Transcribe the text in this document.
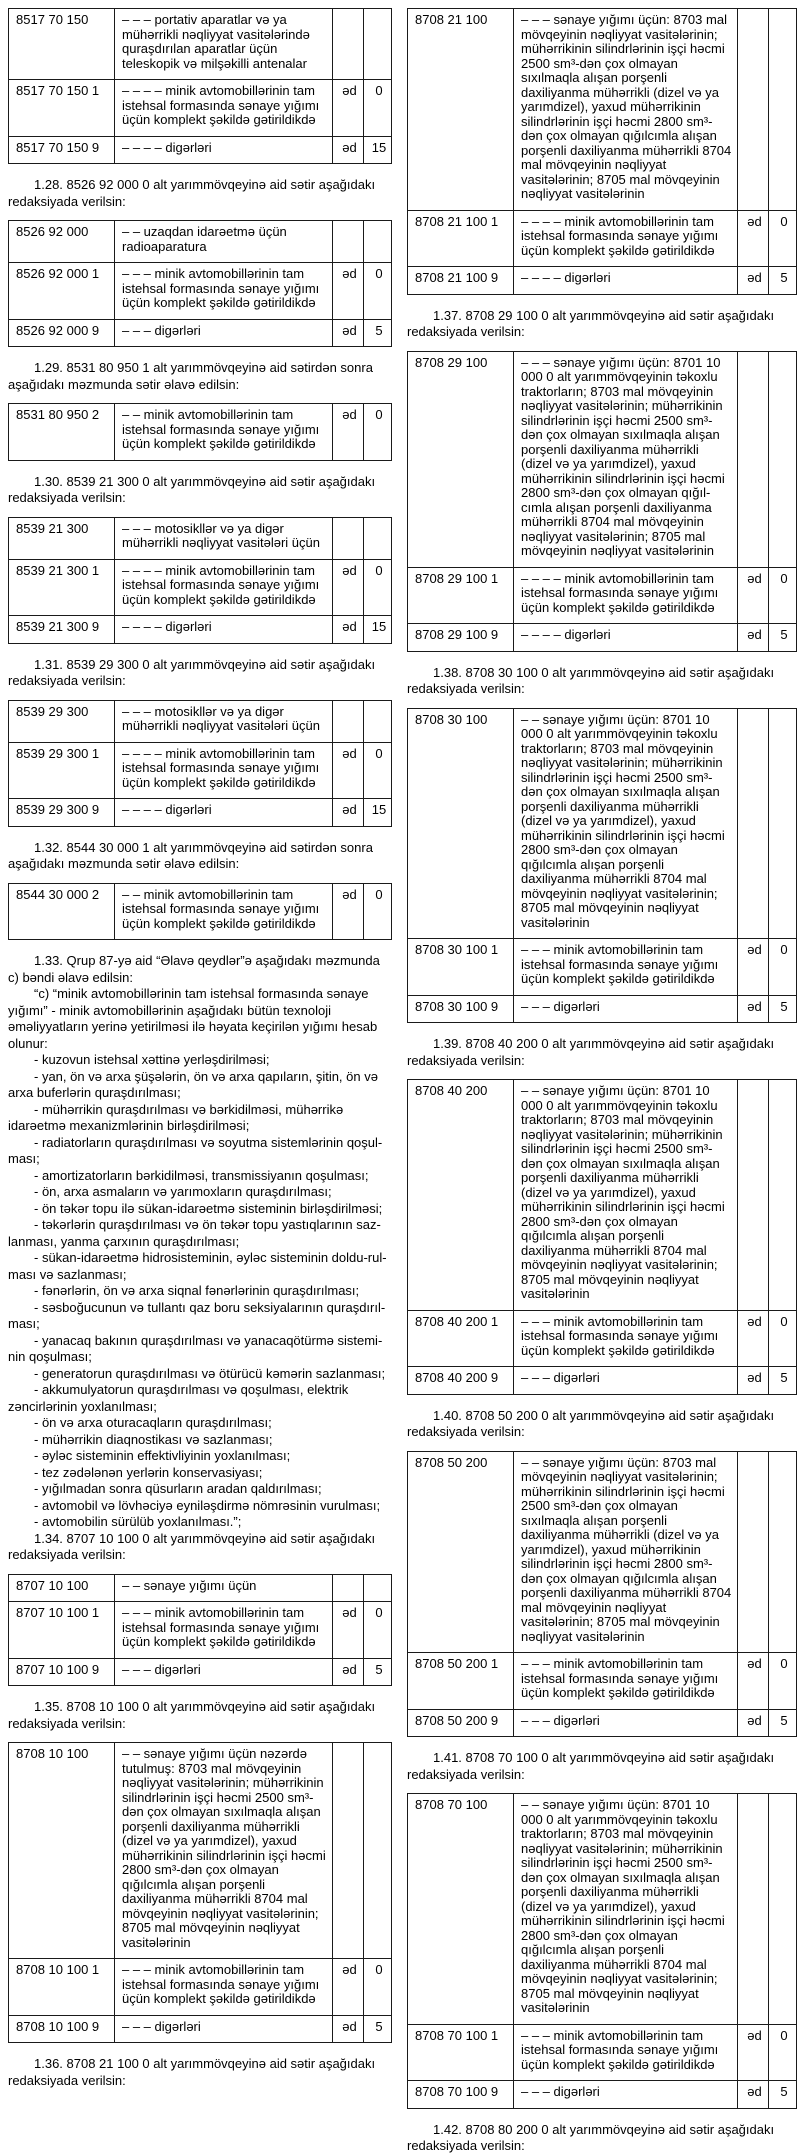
8517 70 150	– – – portativ aparatlar və ya mühərrikli nəqliyyat vasitələrində quraşdırılan aparatlar üçün teleskopik və milşəkilli antenalar		
8517 70 150 1	– – – – minik avtomobillərinin tam istehsal formasında sənaye yığımı üçün komplekt şəkildə gətirildikdə	əd	0
8517 70 150 9	– – – – digərləri	əd	15

1.28. 8526 92 000 0 alt yarımmövqeyinə aid sətir aşağıdakı redaksiyada verilsin:

8526 92 000	– – uzaqdan idarəetmə üçün radioaparatura		
8526 92 000 1	– – – minik avtomobillərinin tam istehsal formasında sənaye yığımı üçün komplekt şəkildə gətirildikdə	əd	0
8526 92 000 9	– – – digərləri	əd	5

1.29. 8531 80 950 1 alt yarımmövqeyinə aid sətirdən sonra aşağıdakı məzmunda sətir əlavə edilsin:

8531 80 950 2	– – minik avtomobillərinin tam istehsal formasında sənaye yığımı üçün komplekt şəkildə gətirildikdə	əd	0

1.30. 8539 21 300 0 alt yarımmövqeyinə aid sətir aşağıdakı redaksiyada verilsin:

8539 21 300	– – – motosikllər və ya digər mühərrikli nəqliyyat vasitələri üçün		
8539 21 300 1	– – – – minik avtomobillərinin tam istehsal formasında sənaye yığımı üçün komplekt şəkildə gətirildikdə	əd	0
8539 21 300 9	– – – – digərləri	əd	15

1.31. 8539 29 300 0 alt yarımmövqeyinə aid sətir aşağıdakı redaksiyada verilsin:

8539 29 300	– – – motosikllər və ya digər mühərrikli nəqliyyat vasitələri üçün		
8539 29 300 1	– – – – minik avtomobillərinin tam istehsal formasında sənaye yığımı üçün komplekt şəkildə gətirildikdə	əd	0
8539 29 300 9	– – – – digərləri	əd	15

1.32. 8544 30 000 1 alt yarımmövqeyinə aid sətirdən sonra aşağıdakı məzmunda sətir əlavə edilsin:

8544 30 000 2	– – minik avtomobillərinin tam istehsal formasında sənaye yığımı üçün komplekt şəkildə gətirildikdə	əd	0

1.33. Qrup 87-yə aid “Əlavə qeydlər”ə aşağıdakı məzmunda c) bəndi əlavə edilsin:

“c) “minik avtomobillərinin tam istehsal formasında sənaye yığımı” - minik avtomobillərinin aşağıdakı bütün texnoloji əməliyyatların yerinə yetirilməsi ilə həyata keçirilən yığımı hesab olunur:

- kuzovun istehsal xəttinə yerləşdirilməsi;

- yan, ön və arxa şüşələrin, ön və arxa qapıların, şitin, ön və arxa buferlərin quraşdırılması;

- mühərrikin quraşdırılması və bərkidilməsi, mühərrikə idarəetmə mexanizmlərinin birləşdirilməsi;

- radiatorların quraşdırılması və soyutma sistemlərinin qoşul-ması;

- amortizatorların bərkidilməsi, transmissiyanın qoşulması;

- ön, arxa asmaların və yarımoxların quraşdırılması;

- ön təkər topu ilə sükan-idarəetmə sisteminin birləşdirilməsi;

- təkərlərin quraşdırılması və ön təkər topu yastıqlarının saz-lanması, yanma çarxının quraşdırılması;

- sükan-idarəetmə hidrosisteminin, əyləc sisteminin doldu-rul-ması və sazlanması;

- fənərlərin, ön və arxa siqnal fənərlərinin quraşdırılması;

- səsboğucunun və tullantı qaz boru seksiyalarının quraşdırıl-ması;

- yanacaq bakının quraşdırılması və yanacaqötürmə sistemi-nin qoşulması;

- generatorun quraşdırılması və ötürücü kəmərin sazlanması;

- akkumulyatorun quraşdırılması və qoşulması, elektrik zəncirlərinin yoxlanılması;

- ön və arxa oturacaqların quraşdırılması;

- mühərrikin diaqnostikası və sazlanması;

- əyləc sisteminin effektivliyinin yoxlanılması;

- tez zədələnən yerlərin konservasiyası;

- yığılmadan sonra qüsurların aradan qaldırılması;

- avtomobil və lövhəciyə eyniləşdirmə nömrəsinin vurulması;

- avtomobilin sürülüb yoxlanılması.”;

1.34. 8707 10 100 0 alt yarımmövqeyinə aid sətir aşağıdakı redaksiyada verilsin:

8707 10 100	– – sənaye yığımı üçün		
8707 10 100 1	– – – minik avtomobillərinin tam istehsal formasında sənaye yığımı üçün komplekt şəkildə gətirildikdə	əd	0
8707 10 100 9	– – – digərləri	əd	5

1.35. 8708 10 100 0 alt yarımmövqeyinə aid sətir aşağıdakı redaksiyada verilsin:

8708 10 100	– – sənaye yığımı üçün nəzərdə tutulmuş: 8703 mal mövqeyinin nəqliyyat vasitələrinin; mühərrikinin silindrlərinin işçi həcmi 2500 sm³-dən çox olmayan sıxılmaqla alışan porşenli daxiliyanma mühərrikli (dizel və ya yarımdizel), yaxud mühərrikinin silindrlərinin işçi həcmi 2800 sm³-dən çox olmayan qığılcımla alışan porşenli daxiliyanma mühərrikli 8704 mal mövqeyinin nəqliyyat vasitələrinin; 8705 mal mövqeyinin nəqliyyat vasitələrinin		
8708 10 100 1	– – – minik avtomobillərinin tam istehsal formasında sənaye yığımı üçün komplekt şəkildə gətirildikdə	əd	0
8708 10 100 9	– – – digərləri	əd	5

1.36. 8708 21 100 0 alt yarımmövqeyinə aid sətir aşağıdakı redaksiyada verilsin:

8708 21 100	– – – sənaye yığımı üçün: 8703 mal mövqeyinin nəqliyyat vasitələrinin; mühərrikinin silindrlərinin işçi həcmi 2500 sm³-dən çox olmayan sıxılmaqla alışan porşenli daxiliyanma mühərrikli (dizel və ya yarımdizel), yaxud mühərrikinin silindrlərinin işçi həcmi 2800 sm³-dən çox olmayan qığılcımla alışan porşenli daxiliyanma mühərrikli 8704 mal mövqeyinin nəqliyyat vasitələrinin; 8705 mal mövqeyinin nəqliyyat vasitələrinin		
8708 21 100 1	– – – – minik avtomobillərinin tam istehsal formasında sənaye yığımı üçün komplekt şəkildə gətirildikdə	əd	0
8708 21 100 9	– – – – digərləri	əd	5

1.37. 8708 29 100 0 alt yarımmövqeyinə aid sətir aşağıdakı redaksiyada verilsin:

8708 29 100	– – – sənaye yığımı üçün: 8701 10 000 0 alt yarımmövqeyinin təkoxlu traktorların; 8703 mal mövqeyinin nəqliyyat vasitələrinin; mühərrikinin silindrlərinin işçi həcmi 2500 sm³-dən çox olmayan sıxılmaqla alışan porşenli daxiliyanma mühərrikli (dizel və ya yarımdizel), yaxud mühərrikinin silindrlərinin işçi həcmi 2800 sm³-dən çox olmayan qığıl-cımla alışan porşenli daxiliyanma mühərrikli 8704 mal mövqeyinin nəqliyyat vasitələrinin; 8705 mal mövqeyinin nəqliyyat vasitələrinin		
8708 29 100 1	– – – – minik avtomobillərinin tam istehsal formasında sənaye yığımı üçün komplekt şəkildə gətirildikdə	əd	0
8708 29 100 9	– – – – digərləri	əd	5

1.38. 8708 30 100 0 alt yarımmövqeyinə aid sətir aşağıdakı redaksiyada verilsin:

8708 30 100	– – sənaye yığımı üçün: 8701 10 000 0 alt yarımmövqeyinin təkoxlu traktorların; 8703 mal mövqeyinin nəqliyyat vasitələrinin; mühərrikinin silindrlərinin işçi həcmi 2500 sm³-dən çox olmayan sıxılmaqla alışan porşenli daxiliyanma mühərrikli (dizel və ya yarımdizel), yaxud mühərrikinin silindrlərinin işçi həcmi 2800 sm³-dən çox olmayan qığılcımla alışan porşenli daxiliyanma mühərrikli 8704 mal mövqeyinin nəqliyyat vasitələrinin; 8705 mal mövqeyinin nəqliyyat vasitələrinin		
8708 30 100 1	– – – minik avtomobillərinin tam istehsal formasında sənaye yığımı üçün komplekt şəkildə gətirildikdə	əd	0
8708 30 100 9	– – – digərləri	əd	5

1.39. 8708 40 200 0 alt yarımmövqeyinə aid sətir aşağıdakı redaksiyada verilsin:

8708 40 200	– – sənaye yığımı üçün: 8701 10 000 0 alt yarımmövqeyinin təkoxlu traktorların; 8703 mal mövqeyinin nəqliyyat vasitələrinin; mühərrikinin silindrlərinin işçi həcmi 2500 sm³-dən çox olmayan sıxılmaqla alışan porşenli daxiliyanma mühərrikli (dizel və ya yarımdizel), yaxud mühərrikinin silindrlərinin işçi həcmi 2800 sm³-dən çox olmayan qığılcımla alışan porşenli daxiliyanma mühərrikli 8704 mal mövqeyinin nəqliyyat vasitələrinin; 8705 mal mövqeyinin nəqliyyat vasitələrinin		
8708 40 200 1	– – – minik avtomobillərinin tam istehsal formasında sənaye yığımı üçün komplekt şəkildə gətirildikdə	əd	0
8708 40 200 9	– – – digərləri	əd	5

1.40. 8708 50 200 0 alt yarımmövqeyinə aid sətir aşağıdakı redaksiyada verilsin:

8708 50 200	– – sənaye yığımı üçün: 8703 mal mövqeyinin nəqliyyat vasitələrinin; mühərrikinin silindrlərinin işçi həcmi 2500 sm³-dən çox olmayan sıxılmaqla alışan porşenli daxiliyanma mühərrikli (dizel və ya yarımdizel), yaxud mühərrikinin silindrlərinin işçi həcmi 2800 sm³-dən çox olmayan qığılcımla alışan porşenli daxiliyanma mühərrikli 8704 mal mövqeyinin nəqliyyat vasitələrinin; 8705 mal mövqeyinin nəqliyyat vasitələrinin		
8708 50 200 1	– – – minik avtomobillərinin tam istehsal formasında sənaye yığımı üçün komplekt şəkildə gətirildikdə	əd	0
8708 50 200 9	– – – digərləri	əd	5

1.41. 8708 70 100 0 alt yarımmövqeyinə aid sətir aşağıdakı redaksiyada verilsin:

8708 70 100	– – sənaye yığımı üçün: 8701 10 000 0 alt yarımmövqeyinin təkoxlu traktorların; 8703 mal mövqeyinin nəqliyyat vasitələrinin; mühərrikinin silindrlərinin işçi həcmi 2500 sm³-dən çox olmayan sıxılmaqla alışan porşenli daxiliyanma mühərrikli (dizel və ya yarımdizel), yaxud mühərrikinin silindrlərinin işçi həcmi 2800 sm³-dən çox olmayan qığılcımla alışan porşenli daxiliyanma mühərrikli 8704 mal mövqeyinin nəqliyyat vasitələrinin; 8705 mal mövqeyinin nəqliyyat vasitələrinin		
8708 70 100 1	– – – minik avtomobillərinin tam istehsal formasında sənaye yığımı üçün komplekt şəkildə gətirildikdə	əd	0
8708 70 100 9	– – – digərləri	əd	5

1.42. 8708 80 200 0 alt yarımmövqeyinə aid sətir aşağıdakı redaksiyada verilsin:
